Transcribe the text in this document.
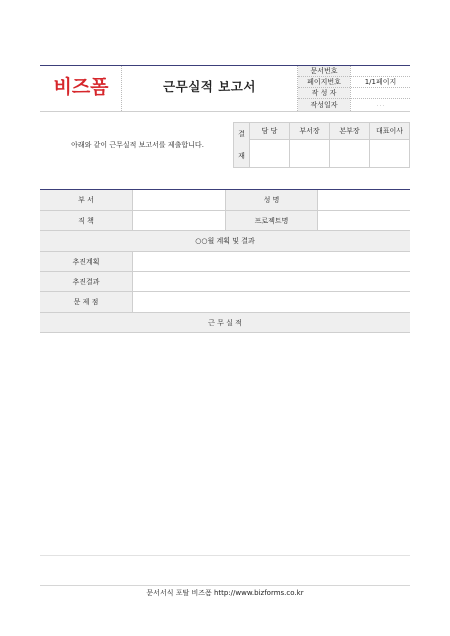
비즈폼	근무실적 보고서
문서번호
페이지번호	1/1페이지
작 성 자
작성일자	. . .
아래와 같이 근무실적 보고서를 제출합니다.
결
재
담 당	부서장	본부장	대표이사
부 서	성 명
직 책	프로젝트명
○○월 계획 및 결과
추진계획
추진결과
문 제 점
근 무 실 적
문서서식 포탈 비즈폼 http://www.bizforms.co.kr
